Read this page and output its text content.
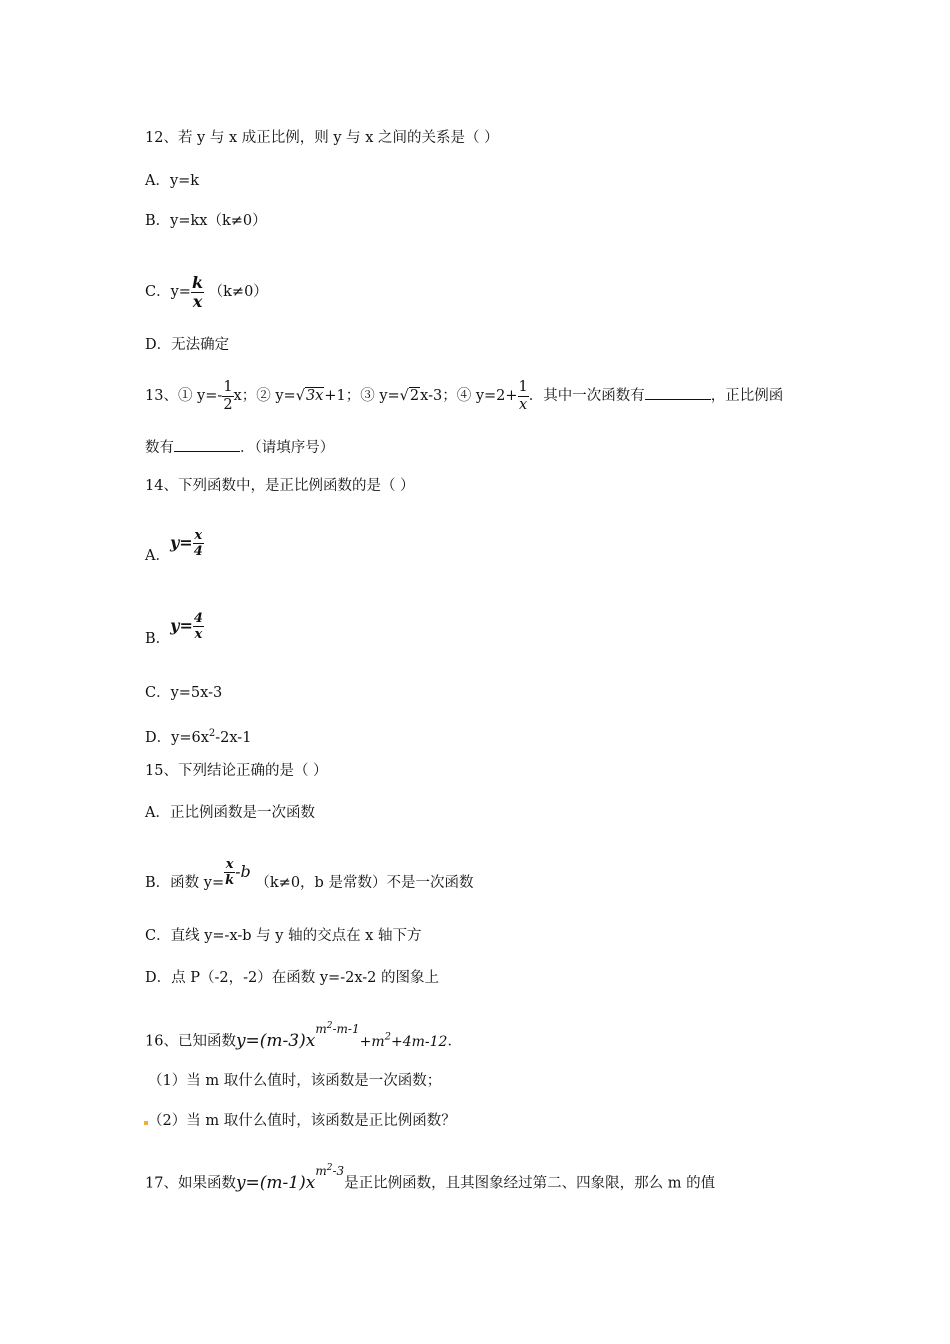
12、若 y 与 x 成正比例，则 y 与 x 之间的关系是（ ）
A．y=k
B．y=kx（k≠0）
C．$y= \frac{k}{x} (k\ne 0)$
D．无法确定
13、① $y=- \frac{1}{2}$ x；② y=√3x+1；③ y=√2x-3；④ $y=2+ \frac{1}{x}$ ．其中一次函数有	，正比例函
数有	．（请填序号）
14、下列函数中，是正比例函数的是（ ）
A．$y= \frac{x}{4}$
B．$y= \frac{4}{x}$
C．y=5x-3
D．$y=6x^2-2x-1$
15、下列结论正确的是（ ）
A．正比例函数是一次函数
B．函数 $y= \frac{x}{k} -b$ （k≠0，b 是常数）不是一次函数
C．直线 y=-x-b 与 y 轴的交点在 x 轴下方
D．点 P（-2，-2）在函数 y=-2x-2 的图象上
16、已知函数$y=(m-3)x^{m^2-m-1}+m^2+4m-12$．
（1）当 m 取什么值时，该函数是一次函数；
（2）当 m 取什么值时，该函数是正比例函数？
17、如果函数$y=(m-1)x^{m^2-3}$是正比例函数，且其图象经过第二、四象限，那么 m 的值
